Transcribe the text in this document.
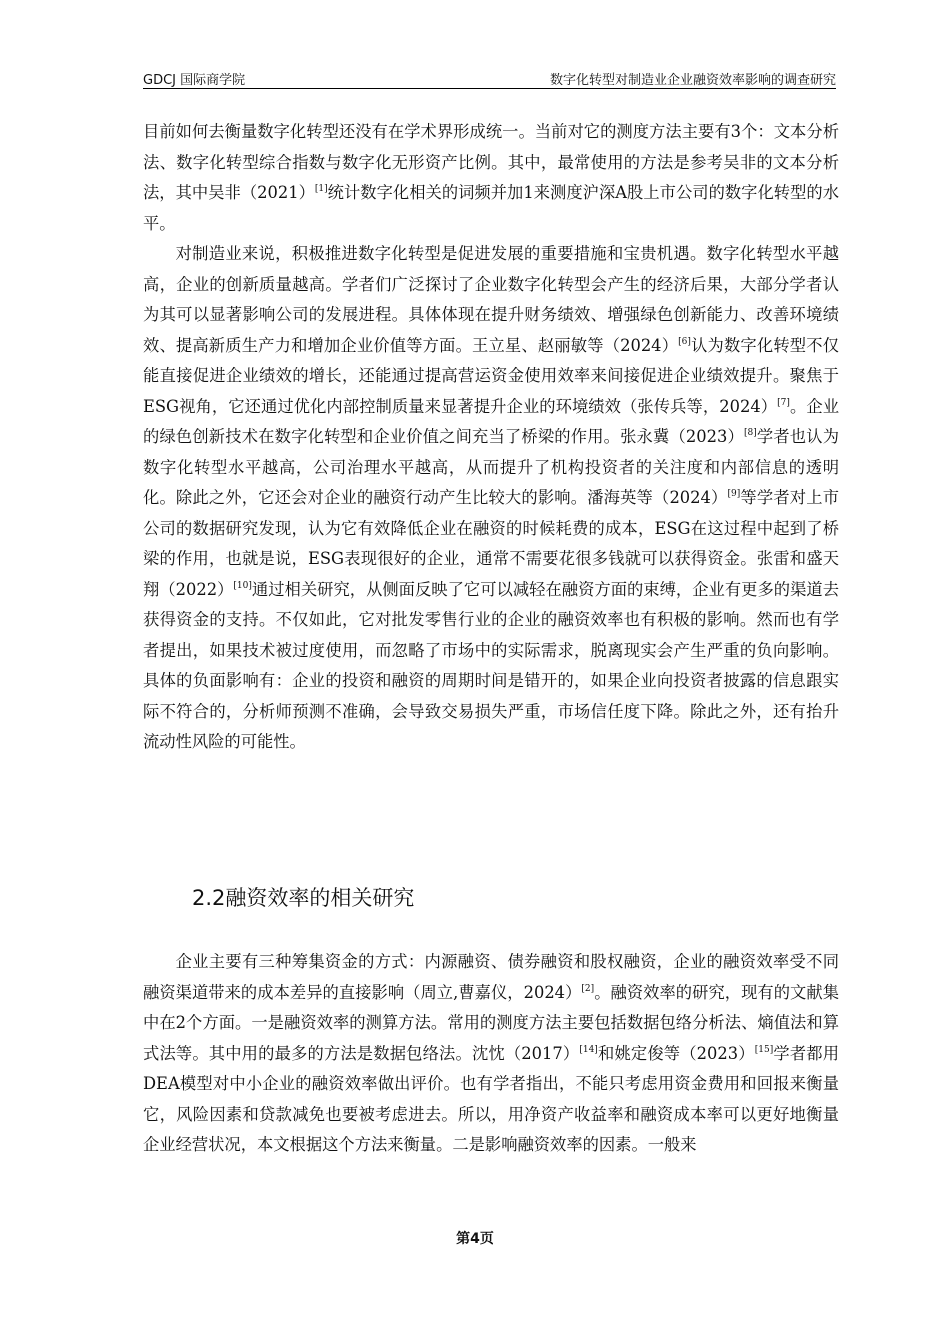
GDCJ 国际商学院	数字化转型对制造业企业融资效率影响的调查研究

目前如何去衡量数字化转型还没有在学术界形成统一。当前对它的测度方法主要有3个：文本分析法、数字化转型综合指数与数字化无形资产比例。其中，最常使用的方法是参考吴非的文本分析法，其中吴非（2021）[1]统计数字化相关的词频并加1来测度沪深A股上市公司的数字化转型的水平。

对制造业来说，积极推进数字化转型是促进发展的重要措施和宝贵机遇。数字化转型水平越高，企业的创新质量越高。学者们广泛探讨了企业数字化转型会产生的经济后果，大部分学者认为其可以显著影响公司的发展进程。具体体现在提升财务绩效、增强绿色创新能力、改善环境绩效、提高新质生产力和增加企业价值等方面。王立星、赵丽敏等（2024）[6]认为数字化转型不仅能直接促进企业绩效的增长，还能通过提高营运资金使用效率来间接促进企业绩效提升。聚焦于ESG视角，它还通过优化内部控制质量来显著提升企业的环境绩效（张传兵等，2024）[7]。企业的绿色创新技术在数字化转型和企业价值之间充当了桥梁的作用。张永冀（2023）[8]学者也认为数字化转型水平越高，公司治理水平越高，从而提升了机构投资者的关注度和内部信息的透明化。除此之外，它还会对企业的融资行动产生比较大的影响。潘海英等（2024）[9]等学者对上市公司的数据研究发现，认为它有效降低企业在融资的时候耗费的成本，ESG在这过程中起到了桥梁的作用，也就是说，ESG表现很好的企业，通常不需要花很多钱就可以获得资金。张雷和盛天翔（2022）[10]通过相关研究，从侧面反映了它可以减轻在融资方面的束缚，企业有更多的渠道去获得资金的支持。不仅如此，它对批发零售行业的企业的融资效率也有积极的影响。然而也有学者提出，如果技术被过度使用，而忽略了市场中的实际需求，脱离现实会产生严重的负向影响。具体的负面影响有：企业的投资和融资的周期时间是错开的，如果企业向投资者披露的信息跟实际不符合的，分析师预测不准确，会导致交易损失严重，市场信任度下降。除此之外，还有抬升流动性风险的可能性。

2.2融资效率的相关研究

企业主要有三种筹集资金的方式：内源融资、债券融资和股权融资，企业的融资效率受不同融资渠道带来的成本差异的直接影响（周立,曹嘉仪，2024）[2]。融资效率的研究，现有的文献集中在2个方面。一是融资效率的测算方法。常用的测度方法主要包括数据包络分析法、熵值法和算式法等。其中用的最多的方法是数据包络法。沈忱（2017）[14]和姚定俊等（2023）[15]学者都用DEA模型对中小企业的融资效率做出评价。也有学者指出，不能只考虑用资金费用和回报来衡量它，风险因素和贷款减免也要被考虑进去。所以，用净资产收益率和融资成本率可以更好地衡量企业经营状况，本文根据这个方法来衡量。二是影响融资效率的因素。一般来

第4页
